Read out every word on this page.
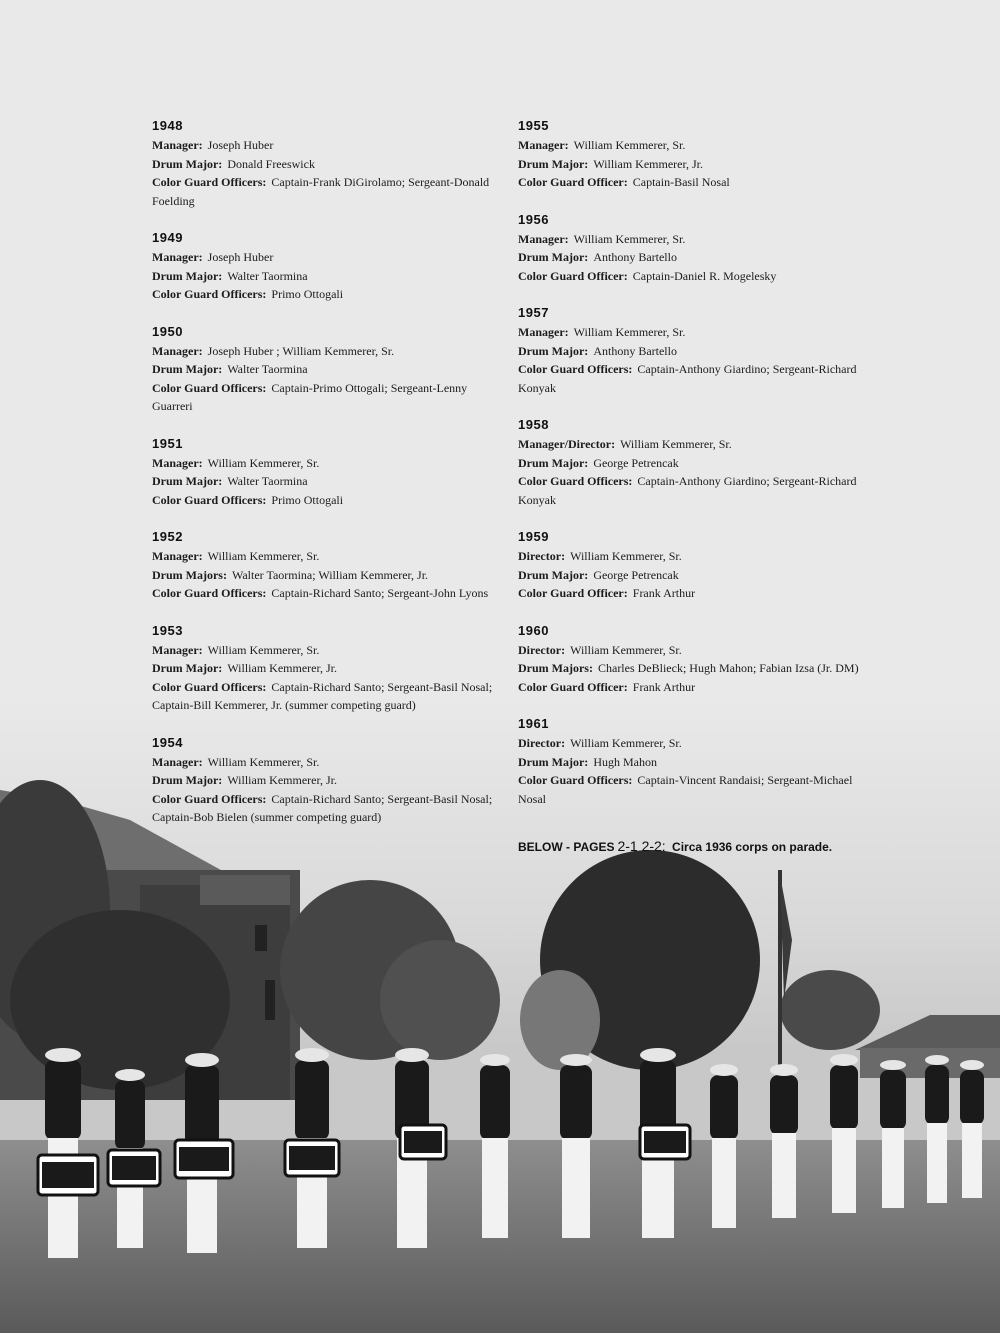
1948

Manager: Joseph Huber

Drum Major: Donald Freeswick

Color Guard Officers: Captain-Frank DiGirolamo; Sergeant-Donald Foelding

1949

Manager: Joseph Huber

Drum Major: Walter Taormina

Color Guard Officers: Primo Ottogali

1950

Manager: Joseph Huber ; William Kemmerer, Sr.

Drum Major: Walter Taormina

Color Guard Officers: Captain-Primo Ottogali; Sergeant-Lenny Guarreri

1951

Manager: William Kemmerer, Sr.

Drum Major: Walter Taormina

Color Guard Officers: Primo Ottogali

1952

Manager: William Kemmerer, Sr.

Drum Majors: Walter Taormina; William Kemmerer, Jr.

Color Guard Officers: Captain-Richard Santo; Sergeant-John Lyons

1953

Manager: William Kemmerer, Sr.

Drum Major: William Kemmerer, Jr.

Color Guard Officers: Captain-Richard Santo; Sergeant-Basil Nosal; Captain-Bill Kemmerer, Jr. (summer competing guard)

1954

Manager: William Kemmerer, Sr.

Drum Major: William Kemmerer, Jr.

Color Guard Officers: Captain-Richard Santo; Sergeant-Basil Nosal; Captain-Bob Bielen (summer competing guard)

1955

Manager: William Kemmerer, Sr.

Drum Major: William Kemmerer, Jr.

Color Guard Officer: Captain-Basil Nosal

1956

Manager: William Kemmerer, Sr.

Drum Major: Anthony Bartello

Color Guard Officer: Captain-Daniel R. Mogelesky

1957

Manager: William Kemmerer, Sr.

Drum Major: Anthony Bartello

Color Guard Officers: Captain-Anthony Giardino; Sergeant-Richard Konyak

1958

Manager/Director: William Kemmerer, Sr.

Drum Major: George Petrencak

Color Guard Officers: Captain-Anthony Giardino; Sergeant-Richard Konyak

1959

Director: William Kemmerer, Sr.

Drum Major: George Petrencak

Color Guard Officer: Frank Arthur

1960

Director: William Kemmerer, Sr.

Drum Majors: Charles DeBlieck; Hugh Mahon; Fabian Izsa (Jr. DM)

Color Guard Officer: Frank Arthur

1961

Director: William Kemmerer, Sr.

Drum Major: Hugh Mahon

Color Guard Officers: Captain-Vincent Randaisi; Sergeant-Michael Nosal

BELOW - PAGES 2-1 2-2: Circa 1936 corps on parade.
